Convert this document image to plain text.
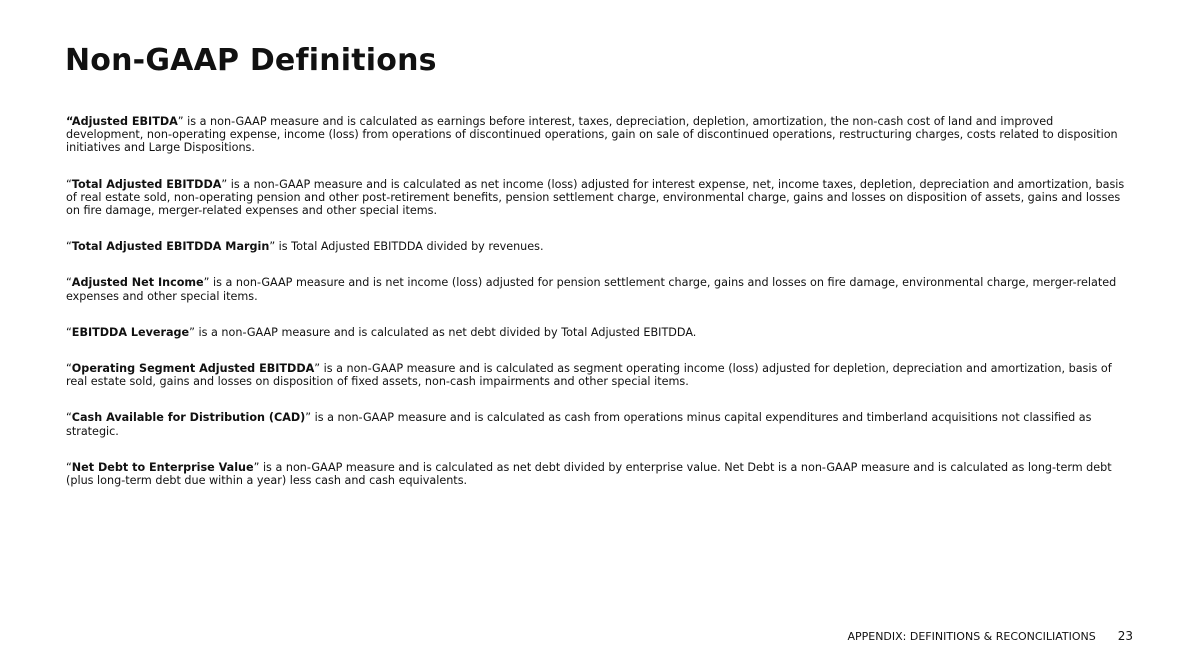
Non-GAAP Definitions

“Adjusted EBITDA” is a non-GAAP measure and is calculated as earnings before interest, taxes, depreciation, depletion, amortization, the non-cash cost of land and improved development, non-operating expense, income (loss) from operations of discontinued operations, gain on sale of discontinued operations, restructuring charges, costs related to disposition initiatives and Large Dispositions.

“Total Adjusted EBITDDA” is a non-GAAP measure and is calculated as net income (loss) adjusted for interest expense, net, income taxes, depletion, depreciation and amortization, basis of real estate sold, non-operating pension and other post-retirement benefits, pension settlement charge, environmental charge, gains and losses on disposition of assets, gains and losses on fire damage, merger-related expenses and other special items.

“Total Adjusted EBITDDA Margin” is Total Adjusted EBITDDA divided by revenues.

“Adjusted Net Income” is a non-GAAP measure and is net income (loss) adjusted for pension settlement charge, gains and losses on fire damage, environmental charge, merger-related expenses and other special items.

“EBITDDA Leverage” is a non-GAAP measure and is calculated as net debt divided by Total Adjusted EBITDDA.

“Operating Segment Adjusted EBITDDA” is a non-GAAP measure and is calculated as segment operating income (loss) adjusted for depletion, depreciation and amortization, basis of real estate sold, gains and losses on disposition of fixed assets, non-cash impairments and other special items.

“Cash Available for Distribution (CAD)” is a non-GAAP measure and is calculated as cash from operations minus capital expenditures and timberland acquisitions not classified as strategic.

“Net Debt to Enterprise Value” is a non-GAAP measure and is calculated as net debt divided by enterprise value. Net Debt is a non-GAAP measure and is calculated as long-term debt (plus long-term debt due within a year) less cash and cash equivalents.

APPENDIX: DEFINITIONS & RECONCILIATIONS 23
